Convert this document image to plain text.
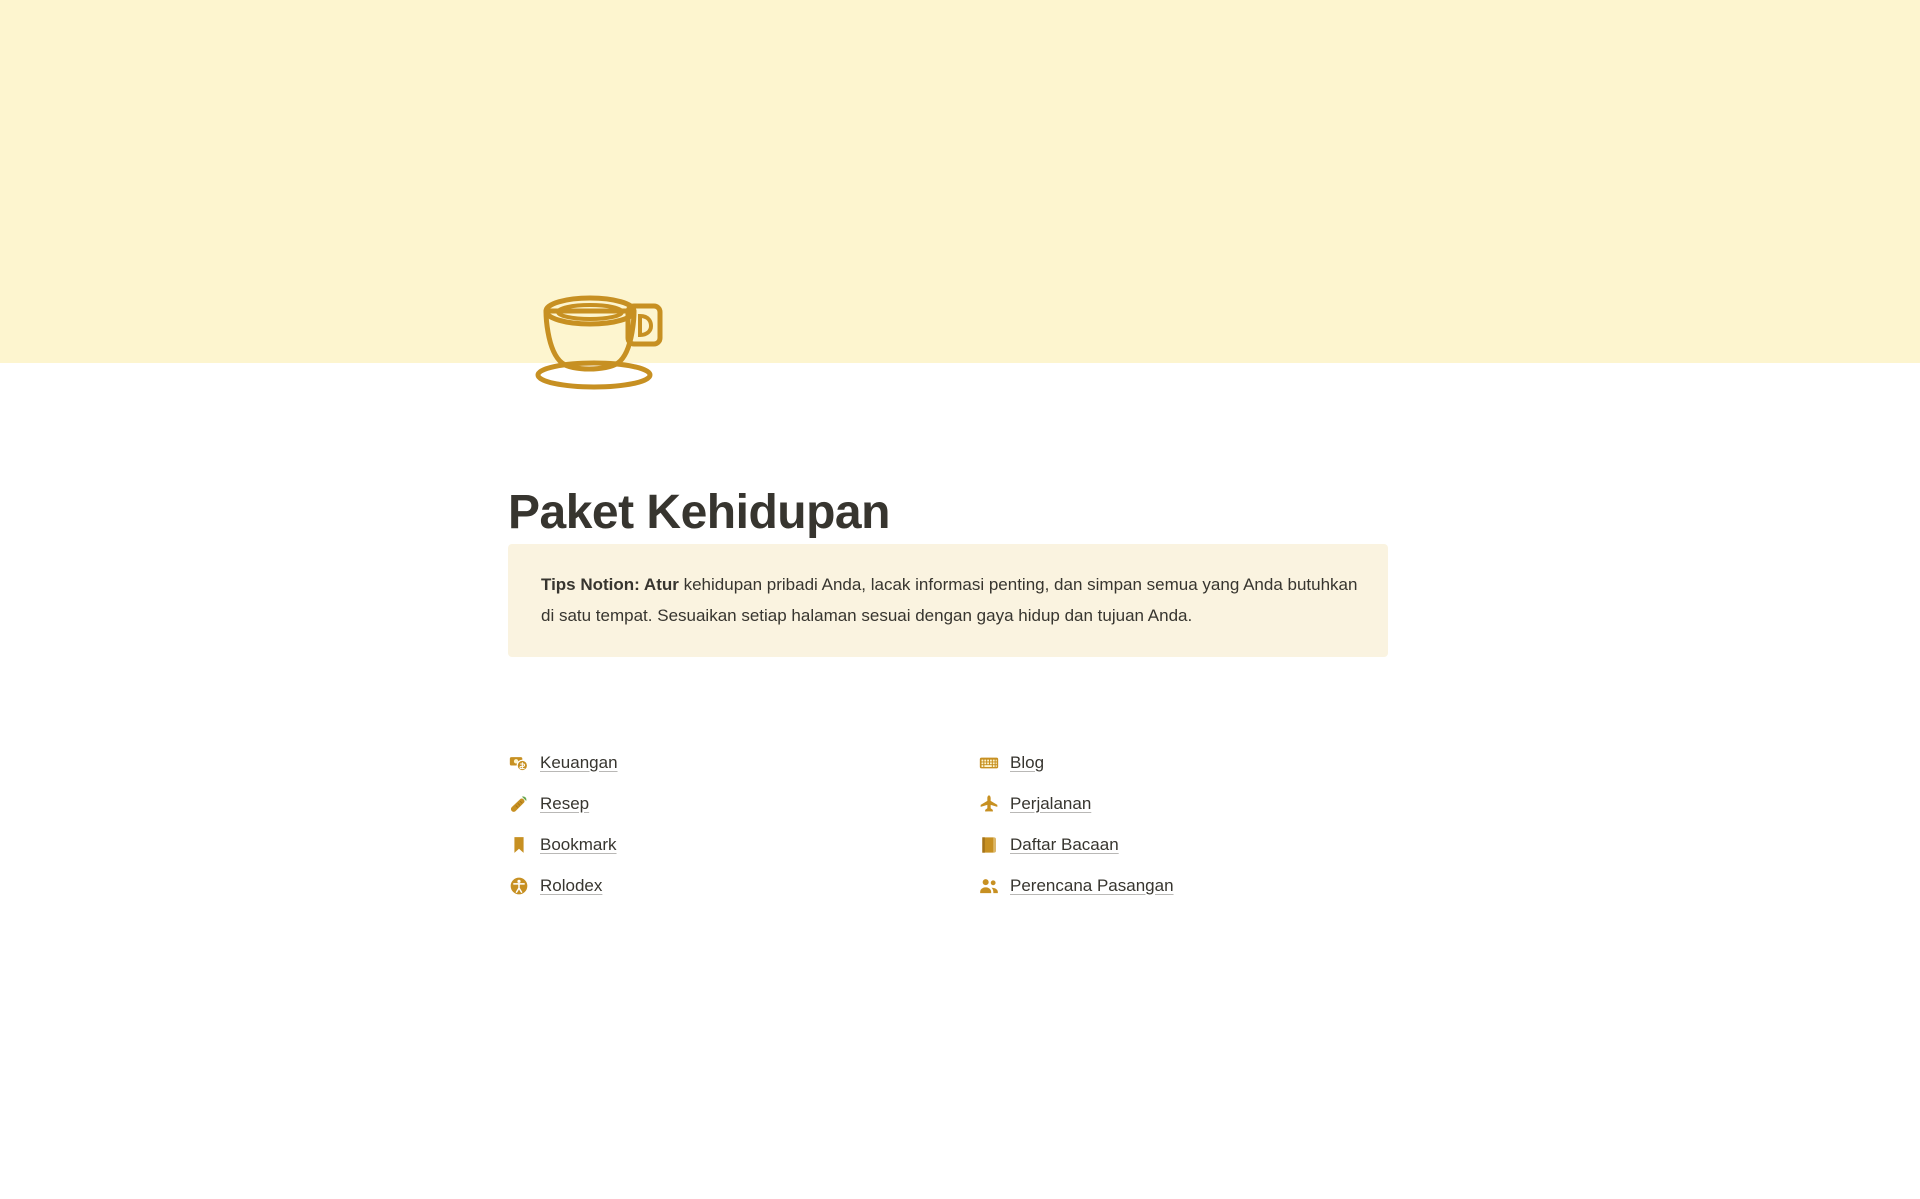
Paket Kehidupan

Tips Notion: Atur kehidupan pribadi Anda, lacak informasi penting, dan simpan semua yang Anda butuhkan di satu tempat. Sesuaikan setiap halaman sesuai dengan gaya hidup dan tujuan Anda.

Keuangan
Resep
Bookmark
Rolodex
Blog
Perjalanan
Daftar Bacaan
Perencana Pasangan
